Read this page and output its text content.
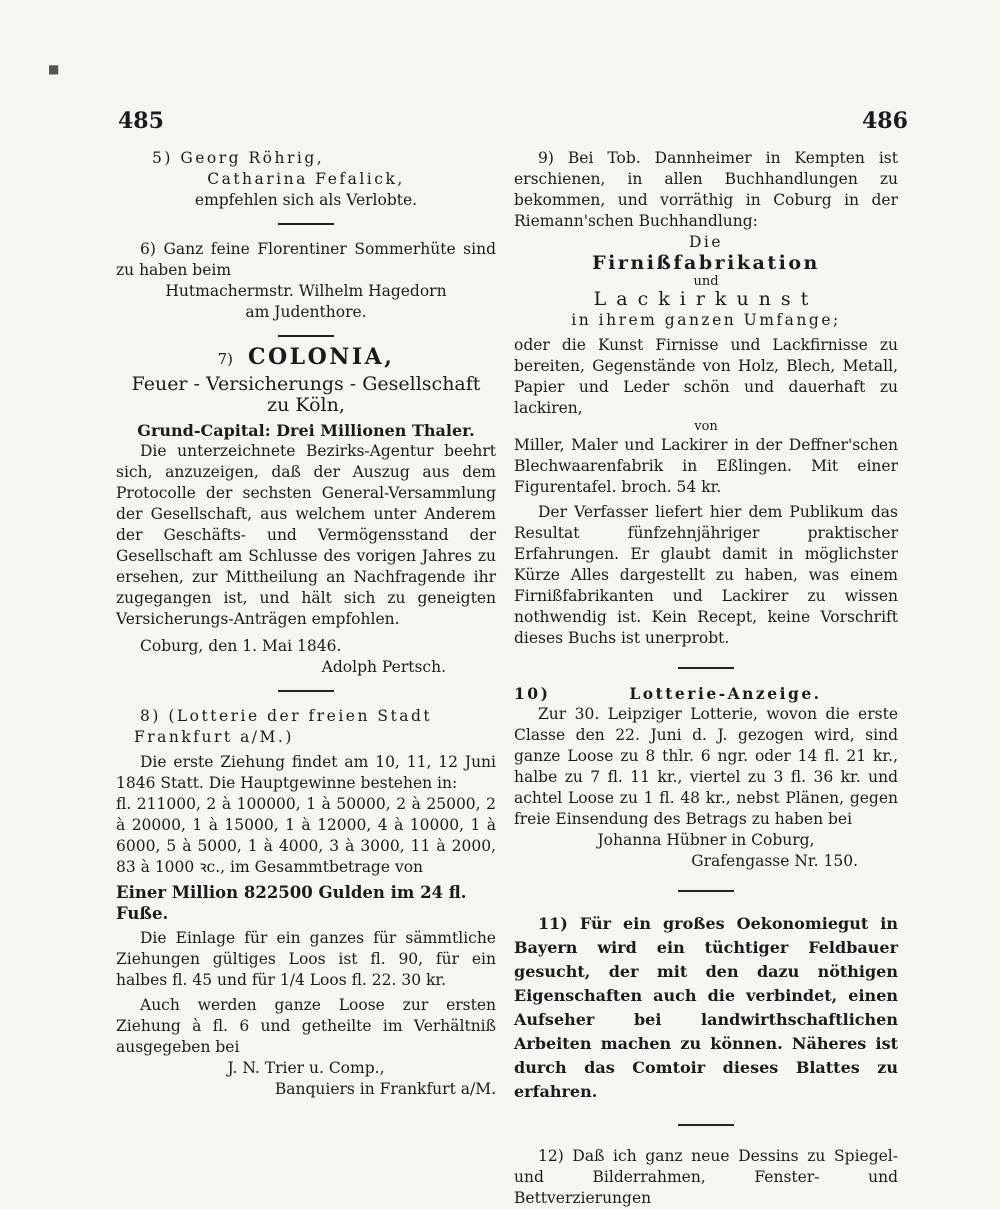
■
485	486

5) Georg Röhrig,

Catharina Fefalick,

empfehlen sich als Verlobte.

6) Ganz feine Florentiner Sommerhüte sind zu haben beim

Hutmachermstr. Wilhelm Hagedorn

am Judenthore.

7) COLONIA,

Feuer - Versicherungs - Gesellschaft

zu Köln,

Grund-Capital: Drei Millionen Thaler.

Die unterzeichnete Bezirks-Agentur beehrt sich, anzuzeigen, daß der Auszug aus dem Protocolle der sechsten General-Versammlung der Gesellschaft, aus welchem unter Anderem der Geschäfts- und Vermögensstand der Gesellschaft am Schlusse des vorigen Jahres zu ersehen, zur Mittheilung an Nachfragende ihr zugegangen ist, und hält sich zu geneigten Versicherungs-Anträgen empfohlen.

Coburg, den 1. Mai 1846.

Adolph Pertsch.

8) (Lotterie der freien Stadt

Frankfurt a/M.)

Die erste Ziehung findet am 10, 11, 12 Juni 1846 Statt. Die Hauptgewinne bestehen in:

fl. 211000, 2 à 100000, 1 à 50000, 2 à 25000, 2 à 20000, 1 à 15000, 1 à 12000, 4 à 10000, 1 à 6000, 5 à 5000, 1 à 4000, 3 à 3000, 11 à 2000, 83 à 1000 ꝛc., im Gesammtbetrage von

Einer Million 822500 Gulden im 24 fl. Fuße.

Die Einlage für ein ganzes für sämmtliche Ziehungen gültiges Loos ist fl. 90, für ein halbes fl. 45 und für 1/4 Loos fl. 22. 30 kr.

Auch werden ganze Loose zur ersten Ziehung à fl. 6 und getheilte im Verhältniß ausgegeben bei

J. N. Trier u. Comp.,

Banquiers in Frankfurt a/M.

9) Bei Tob. Dannheimer in Kempten ist erschienen, in allen Buchhandlungen zu bekommen, und vorräthig in Coburg in der Riemann'schen Buchhandlung:

Die

Firnißfabrikation

und

Lackirkunst

in ihrem ganzen Umfange;

oder die Kunst Firnisse und Lackfirnisse zu bereiten, Gegenstände von Holz, Blech, Metall, Papier und Leder schön und dauerhaft zu lackiren,

von

Miller, Maler und Lackirer in der Deffner'schen Blechwaarenfabrik in Eßlingen. Mit einer Figurentafel. broch. 54 kr.

Der Verfasser liefert hier dem Publikum das Resultat fünfzehnjähriger praktischer Erfahrungen. Er glaubt damit in möglichster Kürze Alles dargestellt zu haben, was einem Firnißfabrikanten und Lackirer zu wissen nothwendig ist. Kein Recept, keine Vorschrift dieses Buchs ist unerprobt.

10)          Lotterie-Anzeige.

Zur 30. Leipziger Lotterie, wovon die erste Classe den 22. Juni d. J. gezogen wird, sind ganze Loose zu 8 thlr. 6 ngr. oder 14 fl. 21 kr., halbe zu 7 fl. 11 kr., viertel zu 3 fl. 36 kr. und achtel Loose zu 1 fl. 48 kr., nebst Plänen, gegen freie Einsendung des Betrags zu haben bei

Johanna Hübner in Coburg,

Grafengasse Nr. 150.

11) Für ein großes Oekonomiegut in Bayern wird ein tüchtiger Feldbauer gesucht, der mit den dazu nöthigen Eigenschaften auch die verbindet, einen Aufseher bei landwirthschaftlichen Arbeiten machen zu können. Näheres ist durch das Comtoir dieses Blattes zu erfahren.

12) Daß ich ganz neue Dessins zu Spiegel- und Bilderrahmen, Fenster- und Bettverzierungen
